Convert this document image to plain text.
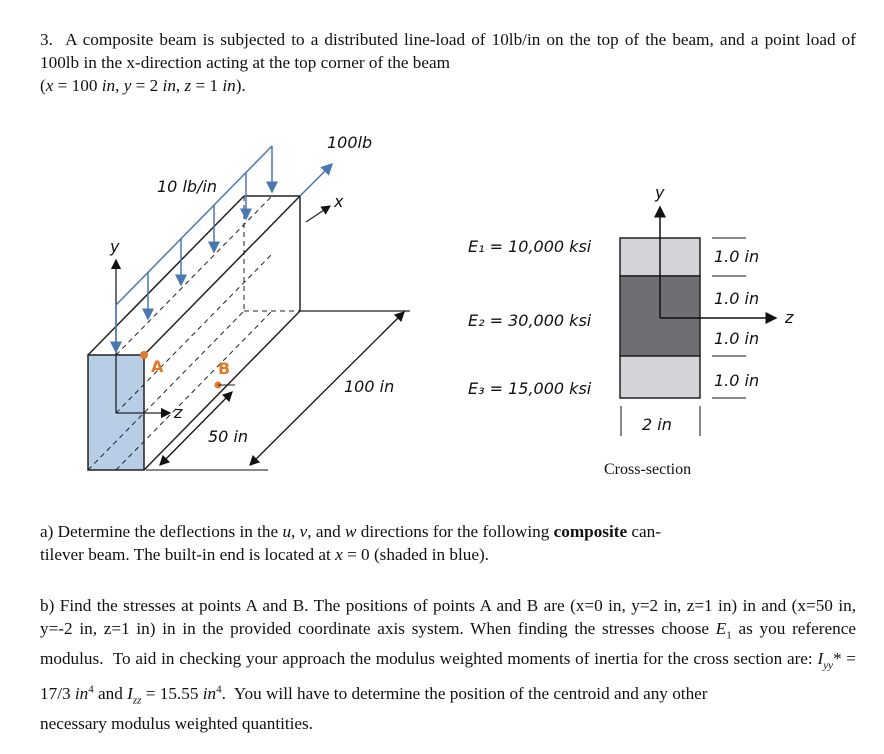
3.  A composite beam is subjected to a distributed line-load of 10lb/in on the top of the beam, and a point load of 100lb in the x-direction acting at the top corner of the beam
(x = 100 in, y = 2 in, z = 1 in).
y
z
10 lb/in
100lb
x
A	B
100 in
50 in
y
z
E₁ = 10,000 ksi
E₂ = 30,000 ksi
E₃ = 15,000 ksi
1.0 in
1.0 in
1.0 in
1.0 in
2 in
Cross-section
a) Determine the deflections in the u, v, and w directions for the following composite can-
tilever beam. The built-in end is located at x = 0 (shaded in blue).
b) Find the stresses at points A and B. The positions of points A and B are (x=0 in, y=2 in, z=1 in) in and (x=50 in, y=-2 in, z=1 in) in in the provided coordinate axis system. When finding the stresses choose $E_1$ as you reference modulus.  To aid in checking your approach the modulus weighted moments of inertia for the cross section are: $I_{yy}* = 17/3$ $in^4$ and $I_{zz} = 15.55$ $in^4$.  You will have to determine the position of the centroid and any other
necessary modulus weighted quantities.
